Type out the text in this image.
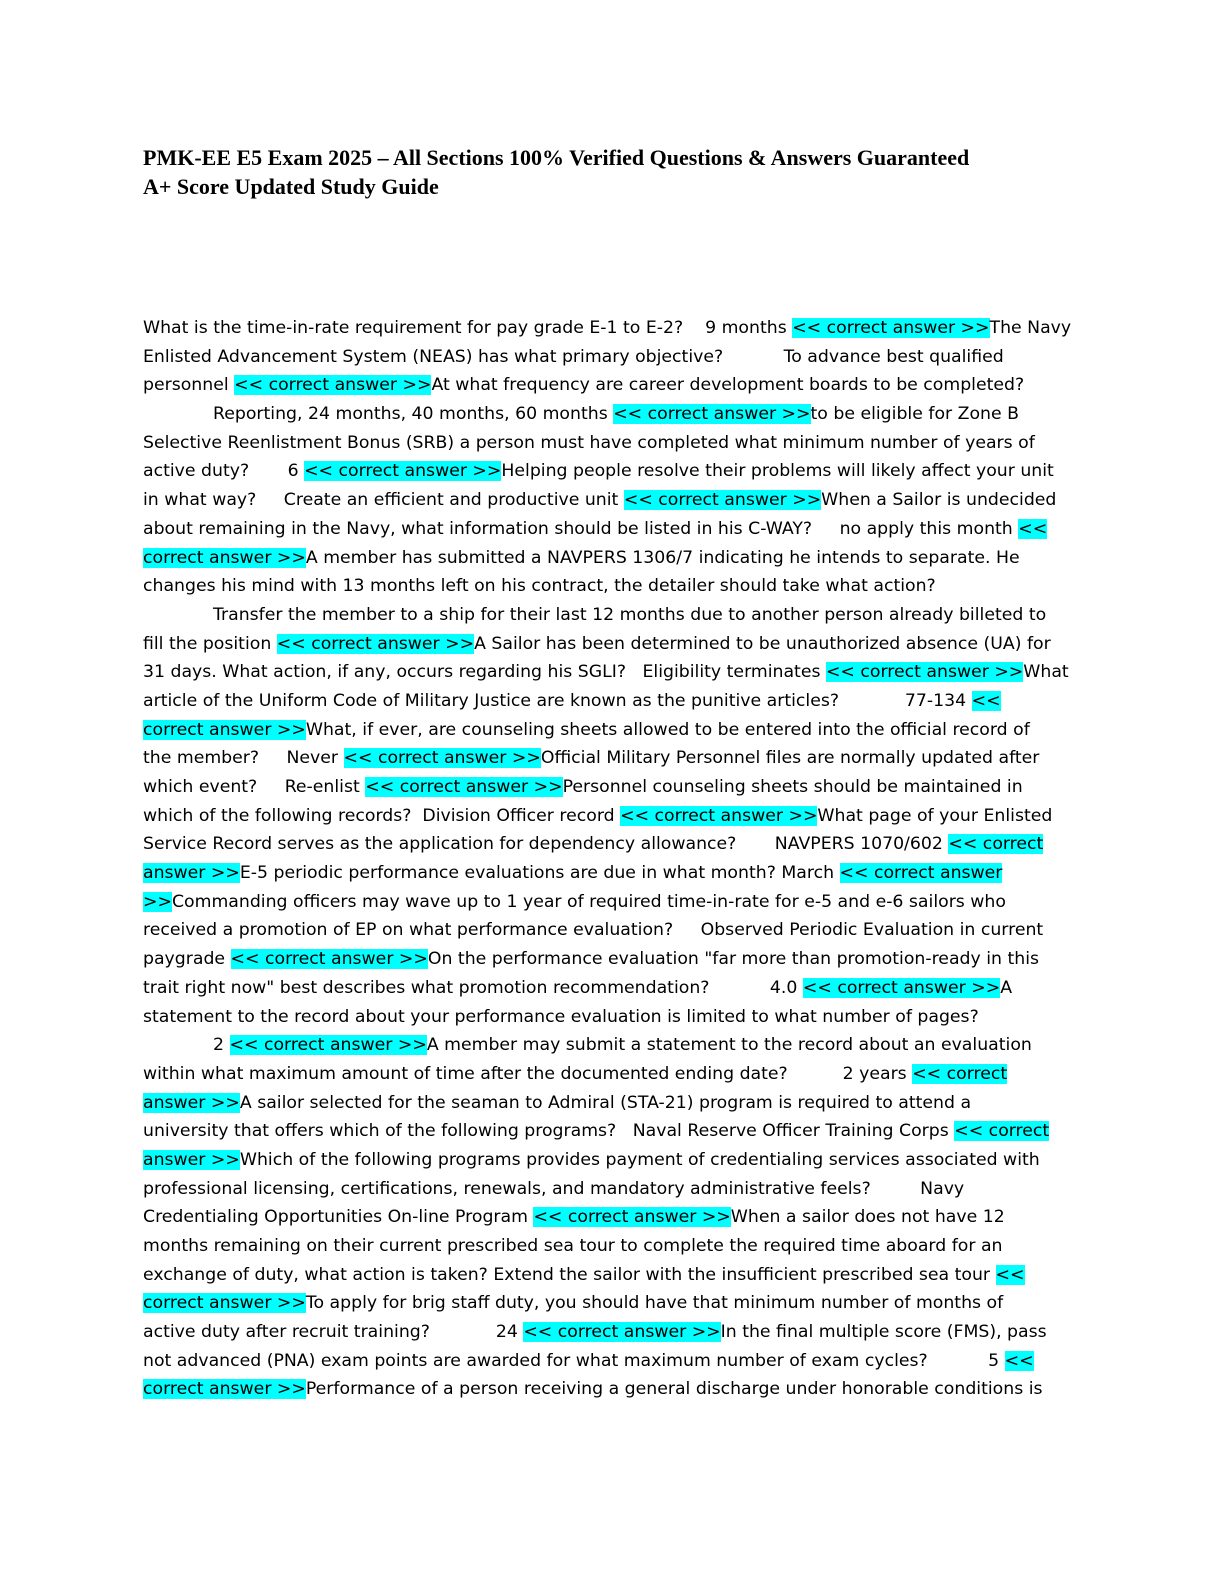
PMK-EE E5 Exam 2025 – All Sections 100% Verified Questions & Answers Guaranteed
A+ Score Updated Study Guide
What is the time-in-rate requirement for pay grade E-1 to E-2?    9 months << correct answer >>The Navy
Enlisted Advancement System (NEAS) has what primary objective?           To advance best qualified
personnel << correct answer >>At what frequency are career development boards to be completed?
Reporting, 24 months, 40 months, 60 months << correct answer >>to be eligible for Zone B
Selective Reenlistment Bonus (SRB) a person must have completed what minimum number of years of
active duty?       6 << correct answer >>Helping people resolve their problems will likely affect your unit
in what way?     Create an efficient and productive unit << correct answer >>When a Sailor is undecided
about remaining in the Navy, what information should be listed in his C-WAY?     no apply this month <<
correct answer >>A member has submitted a NAVPERS 1306/7 indicating he intends to separate. He
changes his mind with 13 months left on his contract, the detailer should take what action?
Transfer the member to a ship for their last 12 months due to another person already billeted to
fill the position << correct answer >>A Sailor has been determined to be unauthorized absence (UA) for
31 days. What action, if any, occurs regarding his SGLI?   Eligibility terminates << correct answer >>What
article of the Uniform Code of Military Justice are known as the punitive articles?            77-134 <<
correct answer >>What, if ever, are counseling sheets allowed to be entered into the official record of
the member?     Never << correct answer >>Official Military Personnel files are normally updated after
which event?     Re-enlist << correct answer >>Personnel counseling sheets should be maintained in
which of the following records?  Division Officer record << correct answer >>What page of your Enlisted
Service Record serves as the application for dependency allowance?       NAVPERS 1070/602 << correct
answer >>E-5 periodic performance evaluations are due in what month? March << correct answer
>>Commanding officers may wave up to 1 year of required time-in-rate for e-5 and e-6 sailors who
received a promotion of EP on what performance evaluation?     Observed Periodic Evaluation in current
paygrade << correct answer >>On the performance evaluation "far more than promotion-ready in this
trait right now" best describes what promotion recommendation?           4.0 << correct answer >>A
statement to the record about your performance evaluation is limited to what number of pages?
2 << correct answer >>A member may submit a statement to the record about an evaluation
within what maximum amount of time after the documented ending date?          2 years << correct
answer >>A sailor selected for the seaman to Admiral (STA-21) program is required to attend a
university that offers which of the following programs?   Naval Reserve Officer Training Corps << correct
answer >>Which of the following programs provides payment of credentialing services associated with
professional licensing, certifications, renewals, and mandatory administrative feels?         Navy
Credentialing Opportunities On-line Program << correct answer >>When a sailor does not have 12
months remaining on their current prescribed sea tour to complete the required time aboard for an
exchange of duty, what action is taken? Extend the sailor with the insufficient prescribed sea tour <<
correct answer >>To apply for brig staff duty, you should have that minimum number of months of
active duty after recruit training?            24 << correct answer >>In the final multiple score (FMS), pass
not advanced (PNA) exam points are awarded for what maximum number of exam cycles?           5 <<
correct answer >>Performance of a person receiving a general discharge under honorable conditions is
